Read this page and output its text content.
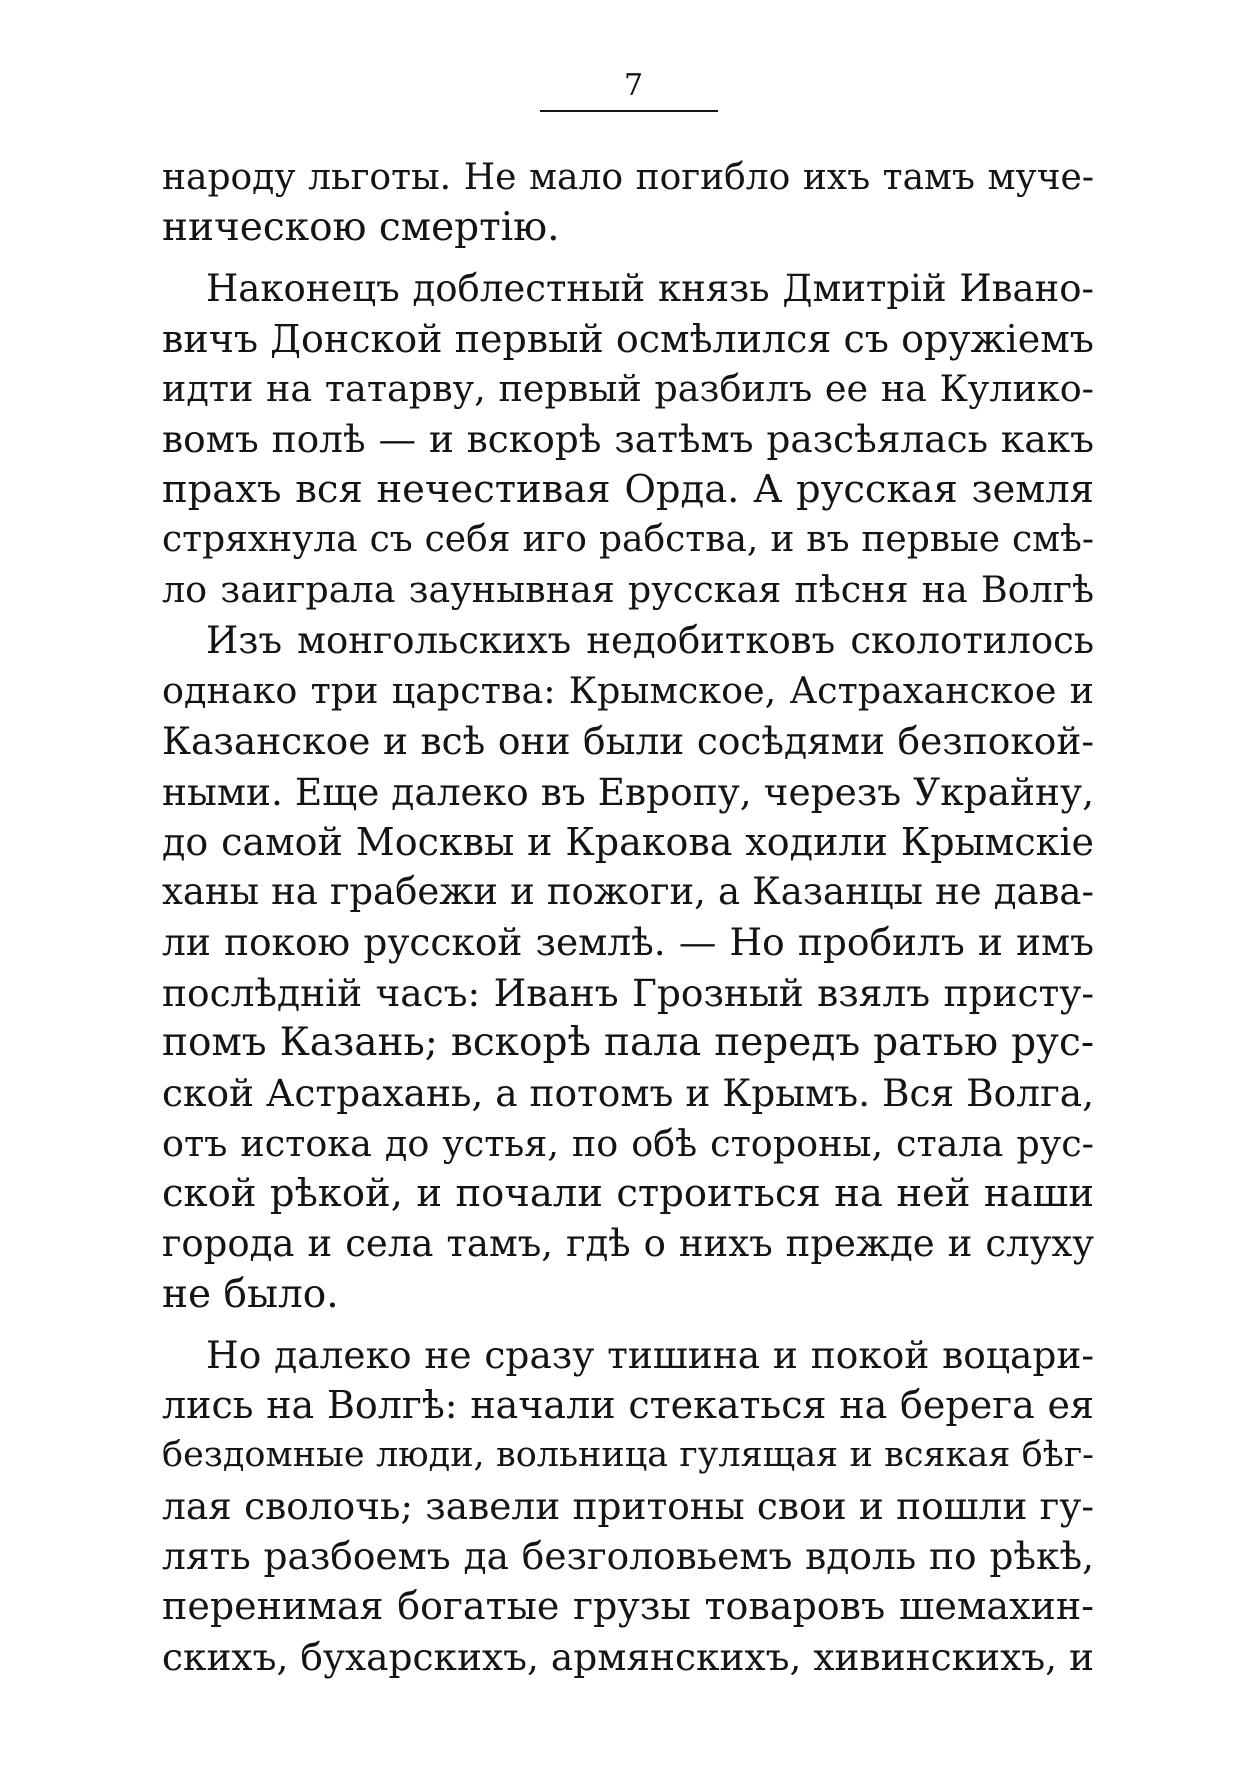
7
народу льготы. Не мало погибло ихъ тамъ муче-
ническою смертiю.
Наконецъ доблестный князь Дмитрiй Ивано-
вичъ Донской первый осмѣлился съ оружiемъ
идти на татарву, первый разбилъ ее на Кулико-
вомъ полѣ — и вскорѣ затѣмъ разсѣялась какъ
прахъ вся нечестивая Орда. А русская земля
стряхнула съ себя иго рабства, и въ первые смѣ-
ло заиграла заунывная русская пѣсня на Волгѣ
Изъ монгольскихъ недобитковъ сколотилось
однако три царства: Крымское, Астраханское и
Казанское и всѣ они были сосѣдями безпокой-
ными. Еще далеко въ Европу, черезъ Украйну,
до самой Москвы и Кракова ходили Крымскiе
ханы на грабежи и пожоги, а Казанцы не дава-
ли покою русской землѣ. — Но пробилъ и имъ
послѣднiй часъ: Иванъ Грозный взялъ присту-
помъ Казань; вскорѣ пала передъ ратью рус-
ской Астрахань, а потомъ и Крымъ. Вся Волга,
отъ истока до устья, по обѣ стороны, стала рус-
ской рѣкой, и почали строиться на ней наши
города и села тамъ, гдѣ о нихъ прежде и слуху
не было.
Но далеко не сразу тишина и покой воцари-
лись на Волгѣ: начали стекаться на берега ея
бездомные люди, вольница гулящая и всякая бѣг-
лая сволочь; завели притоны свои и пошли гу-
лять разбоемъ да безголовьемъ вдоль по рѣкѣ,
перенимая богатые грузы товаровъ шемахин-
скихъ, бухарскихъ, армянскихъ, хивинскихъ, и
